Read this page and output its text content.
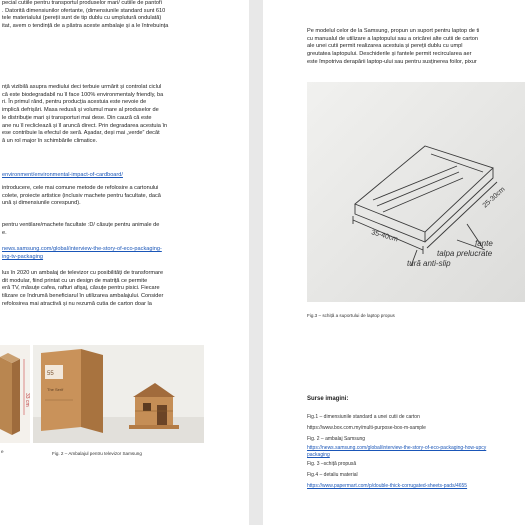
pecial cutiile pentru transportul produselor mari/ cutiile de pantofi
. Datorită dimensiunilor ofertante, (dimensiunile standard sunt 610
tele materialului (pereții sunt de tip dublu cu umplutură ondulată)
itat, avem o tendință de a păstra aceste ambalaje și a le întrebuința
nță vizibilă asupra mediului deci terbuie urmărit și controlat ciclul
că este biodegradabil nu îl face 100% environmentaly friendly, ba
ri. În primul rând, pentru producția acestuia este nevoie de
implică defrișări. Masa redusă și volumul mare al produselor de
le distribuție mari și transporturi mai dese. Din cauză că este
ane nu îl recliclează și îl aruncă direct. Prin degradarea acestuia în
ese contribuie la efectul de seră. Așadar, deși mai „verde” decât
ă un rol major în schimbările climatice.
environment/environmental-impact-of-cardboard/
introducere, cele mai comune metode de refolosire a cartonului
colete, proiecte artistice (inclusiv machete pentru facultate, dacă
ună și dimensiunile corespund).
pentru ventilare/machete facultate :D/ căsuțe pentru animale de
e.
news.samsung.com/global/interview-the-story-of-eco-packaging-
ing-tv-packaging
lus în 2020 un ambalaj de televizor cu posibilități de transformare
dit modular, fiind printat cu un design de matriță ce permite
eră TV, măsuțe cafea, rafturi afișaj, căsuțe pentru pisici. Fiecare
tilizare ce îndrumă beneficiarul în utilizarea ambalajului. Consider
refolosirea mai atractivă și nu rezumă cutia de carton doar la
33 cm
e
55
The Serif
Fig. 2 – Ambalajul pentru televizor Samsung
Pe modelul celor de la Samsung, propun un suport pentru laptop de ti
cu manualul de utilizare a laptopului sau a oricărei alte cutii de carton
ale unei cutii permit realizarea acestuia și pereții dublu cu umpl
greutatea laptopului. Deschiderile și fantele permit recircularea aer
este împotriva derapării laptop-ului sau pentru susținerea foilor, pixur
35-40cm
25-30cm
fante
talpa prelucrate
tură anti-slip
Fig.3 – schiță a suportului de laptop propus
Surse imagini:
Fig.1 – dimensiunile standard a unei cutii de carton
https://www.box.com.my/multi-purpose-box-m-sample
Fig. 2 – ambalaj Samsung
https://news.samsung.com/global/interview-the-story-of-eco-packaging-how-upcy
packaging
Fig. 3 –schiță propusă
Fig.4 – detaliu material
https://www.papermart.com/p/double-thick-corrugated-sheets-pads/4655
